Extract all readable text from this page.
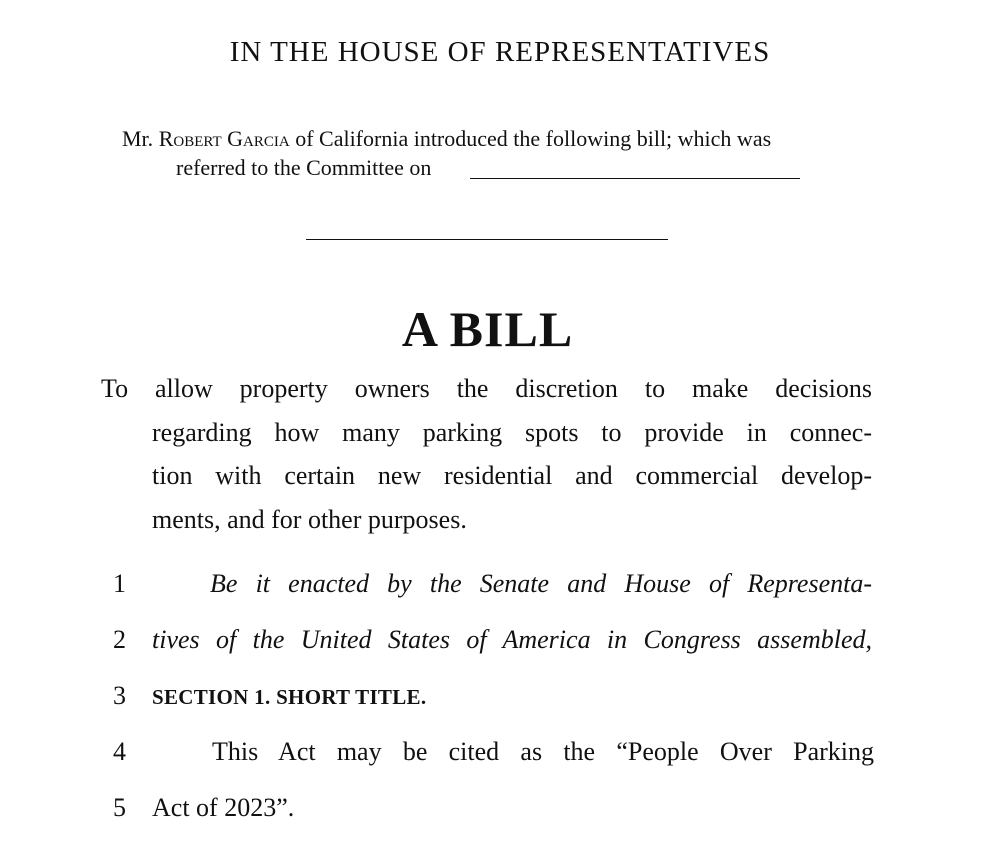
IN THE HOUSE OF REPRESENTATIVES
Mr. Robert Garcia of California introduced the following bill; which was
referred to the Committee on
A BILL
To allow property owners the discretion to make decisions
regarding how many parking spots to provide in connec-
tion with certain new residential and commercial develop-
ments, and for other purposes.
1
2
3
4
5
Be it enacted by the Senate and House of Representa-
tives of the United States of America in Congress assembled,
SECTION 1. SHORT TITLE.
This Act may be cited as the “People Over Parking
Act of 2023”.
